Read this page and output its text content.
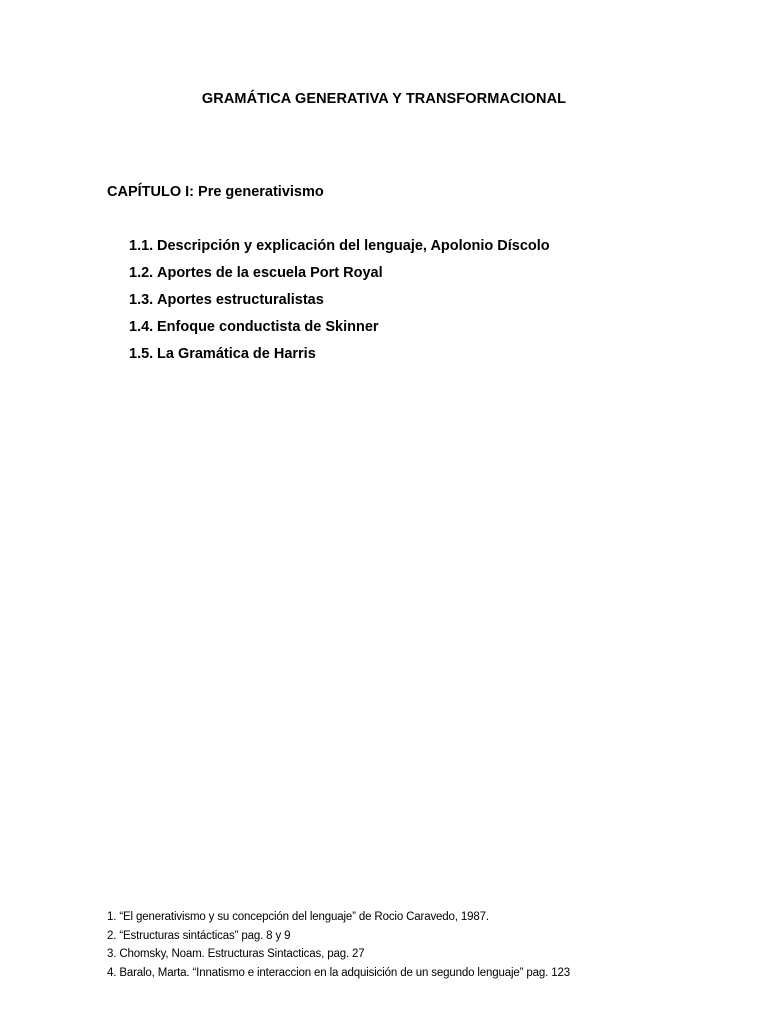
GRAMÁTICA GENERATIVA Y TRANSFORMACIONAL
CAPÍTULO I: Pre generativismo
1.1. Descripción y explicación del lenguaje, Apolonio Díscolo
1.2. Aportes de la escuela Port Royal
1.3. Aportes estructuralistas
1.4. Enfoque conductista de Skinner
1.5. La Gramática de Harris
1. “El generativismo y su concepción del lenguaje” de Rocio Caravedo, 1987.
2. “Estructuras sintácticas” pag. 8 y 9
3. Chomsky, Noam. Estructuras Sintacticas, pag. 27
4. Baralo, Marta. “Innatismo e interaccion en la adquisición de un segundo lenguaje” pag. 123
